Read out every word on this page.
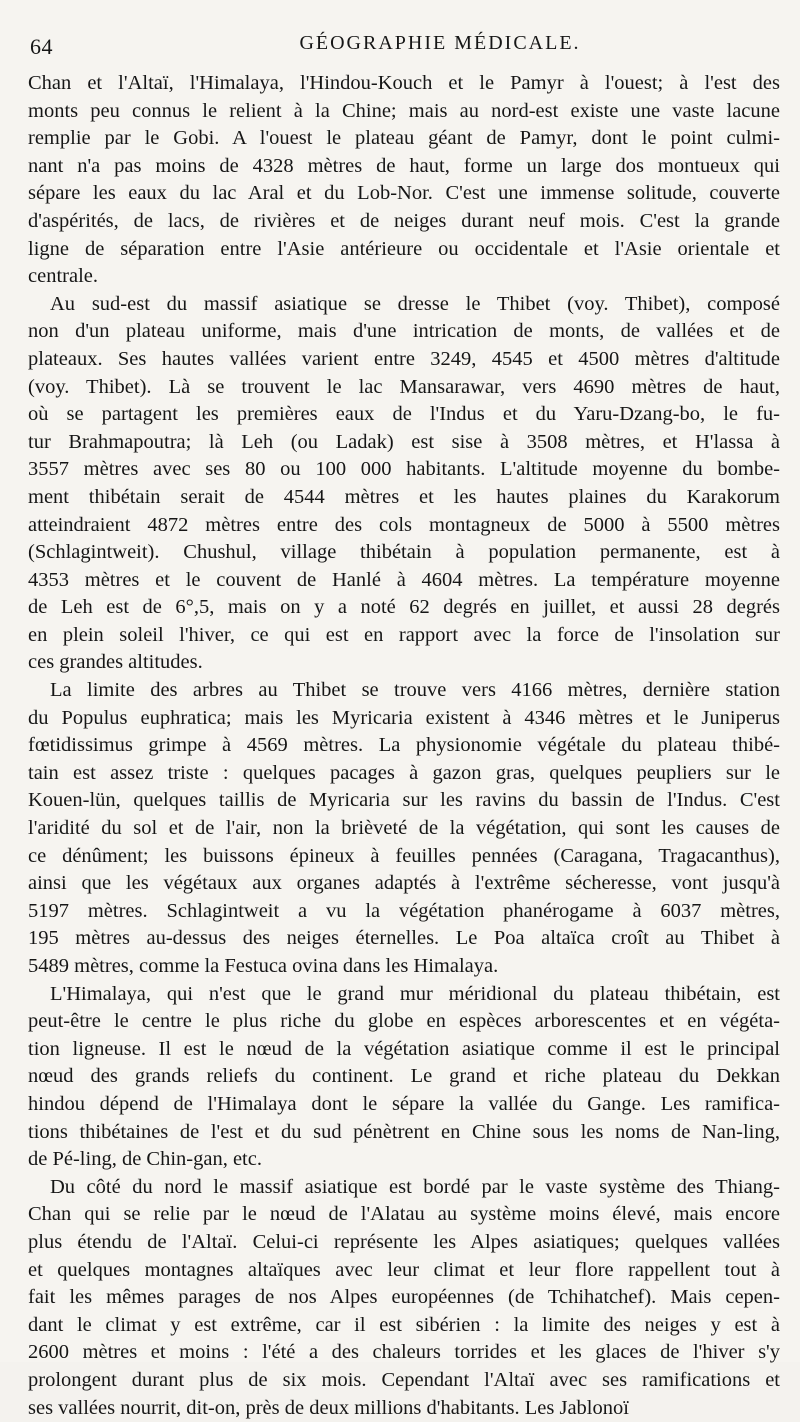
64	GÉOGRAPHIE MÉDICALE.
Chan et l'Altaï, l'Himalaya, l'Hindou-Kouch et le Pamyr à l'ouest; à l'est des
monts peu connus le relient à la Chine; mais au nord-est existe une vaste lacune
remplie par le Gobi. A l'ouest le plateau géant de Pamyr, dont le point culmi-
nant n'a pas moins de 4328 mètres de haut, forme un large dos montueux qui
sépare les eaux du lac Aral et du Lob-Nor. C'est une immense solitude, couverte
d'aspérités, de lacs, de rivières et de neiges durant neuf mois. C'est la grande
ligne de séparation entre l'Asie antérieure ou occidentale et l'Asie orientale et
centrale.
Au sud-est du massif asiatique se dresse le Thibet (voy. Thibet), composé
non d'un plateau uniforme, mais d'une intrication de monts, de vallées et de
plateaux. Ses hautes vallées varient entre 3249, 4545 et 4500 mètres d'altitude
(voy. Thibet). Là se trouvent le lac Mansarawar, vers 4690 mètres de haut,
où se partagent les premières eaux de l'Indus et du Yaru-Dzang-bo, le fu-
tur Brahmapoutra; là Leh (ou Ladak) est sise à 3508 mètres, et H'lassa à
3557 mètres avec ses 80 ou 100 000 habitants. L'altitude moyenne du bombe-
ment thibétain serait de 4544 mètres et les hautes plaines du Karakorum
atteindraient 4872 mètres entre des cols montagneux de 5000 à 5500 mètres
(Schlagintweit). Chushul, village thibétain à population permanente, est à
4353 mètres et le couvent de Hanlé à 4604 mètres. La température moyenne
de Leh est de 6°,5, mais on y a noté 62 degrés en juillet, et aussi 28 degrés
en plein soleil l'hiver, ce qui est en rapport avec la force de l'insolation sur
ces grandes altitudes.
La limite des arbres au Thibet se trouve vers 4166 mètres, dernière station
du Populus euphratica; mais les Myricaria existent à 4346 mètres et le Juniperus
fœtidissimus grimpe à 4569 mètres. La physionomie végétale du plateau thibé-
tain est assez triste : quelques pacages à gazon gras, quelques peupliers sur le
Kouen-lün, quelques taillis de Myricaria sur les ravins du bassin de l'Indus. C'est
l'aridité du sol et de l'air, non la brièveté de la végétation, qui sont les causes de
ce dénûment; les buissons épineux à feuilles pennées (Caragana, Tragacanthus),
ainsi que les végétaux aux organes adaptés à l'extrême sécheresse, vont jusqu'à
5197 mètres. Schlagintweit a vu la végétation phanérogame à 6037 mètres,
195 mètres au-dessus des neiges éternelles. Le Poa altaïca croît au Thibet à
5489 mètres, comme la Festuca ovina dans les Himalaya.
L'Himalaya, qui n'est que le grand mur méridional du plateau thibétain, est
peut-être le centre le plus riche du globe en espèces arborescentes et en végéta-
tion ligneuse. Il est le nœud de la végétation asiatique comme il est le principal
nœud des grands reliefs du continent. Le grand et riche plateau du Dekkan
hindou dépend de l'Himalaya dont le sépare la vallée du Gange. Les ramifica-
tions thibétaines de l'est et du sud pénètrent en Chine sous les noms de Nan-ling,
de Pé-ling, de Chin-gan, etc.
Du côté du nord le massif asiatique est bordé par le vaste système des Thiang-
Chan qui se relie par le nœud de l'Alatau au système moins élevé, mais encore
plus étendu de l'Altaï. Celui-ci représente les Alpes asiatiques; quelques vallées
et quelques montagnes altaïques avec leur climat et leur flore rappellent tout à
fait les mêmes parages de nos Alpes européennes (de Tchihatchef). Mais cepen-
dant le climat y est extrême, car il est sibérien : la limite des neiges y est à
2600 mètres et moins : l'été a des chaleurs torrides et les glaces de l'hiver s'y
prolongent durant plus de six mois. Cependant l'Altaï avec ses ramifications et
ses vallées nourrit, dit-on, près de deux millions d'habitants. Les Jablonoï
